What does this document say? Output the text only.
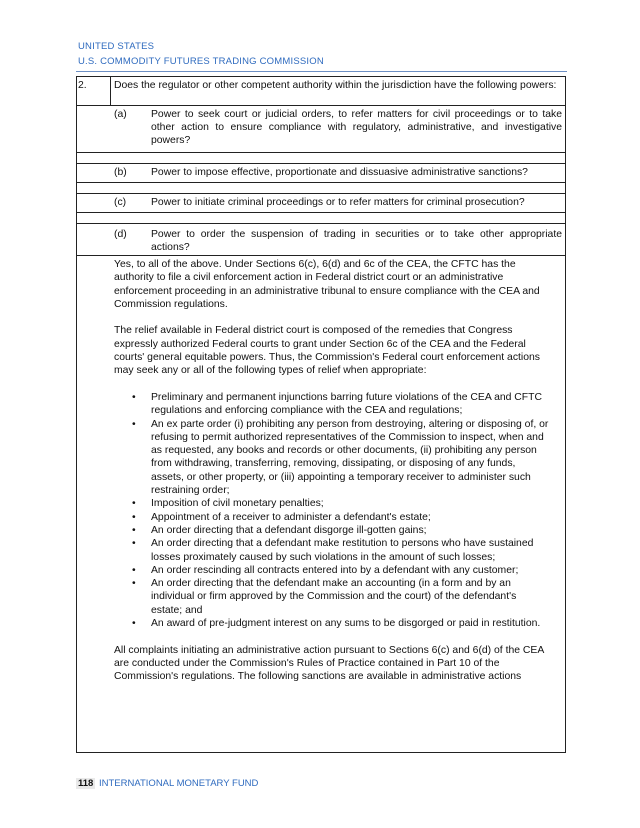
UNITED STATES
U.S. COMMODITY FUTURES TRADING COMMISSION
2.	Does the regulator or other competent authority within the jurisdiction have the following powers:
(a) Power to seek court or judicial orders, to refer matters for civil proceedings or to take other action to ensure compliance with regulatory, administrative, and investigative powers?
(b) Power to impose effective, proportionate and dissuasive administrative sanctions?
(c) Power to initiate criminal proceedings or to refer matters for criminal prosecution?
(d) Power to order the suspension of trading in securities or to take other appropriate actions?

Yes, to all of the above. Under Sections 6(c), 6(d) and 6c of the CEA, the CFTC has the authority to file a civil enforcement action in Federal district court or an administrative enforcement proceeding in an administrative tribunal to ensure compliance with the CEA and Commission regulations.

The relief available in Federal district court is composed of the remedies that Congress expressly authorized Federal courts to grant under Section 6c of the CEA and the Federal courts' general equitable powers. Thus, the Commission's Federal court enforcement actions may seek any or all of the following types of relief when appropriate:

• Preliminary and permanent injunctions barring future violations of the CEA and CFTC regulations and enforcing compliance with the CEA and regulations;
• An ex parte order (i) prohibiting any person from destroying, altering or disposing of, or refusing to permit authorized representatives of the Commission to inspect, when and as requested, any books and records or other documents, (ii) prohibiting any person from withdrawing, transferring, removing, dissipating, or disposing of any funds, assets, or other property, or (iii) appointing a temporary receiver to administer such restraining order;
• Imposition of civil monetary penalties;
• Appointment of a receiver to administer a defendant's estate;
• An order directing that a defendant disgorge ill-gotten gains;
• An order directing that a defendant make restitution to persons who have sustained losses proximately caused by such violations in the amount of such losses;
• An order rescinding all contracts entered into by a defendant with any customer;
• An order directing that the defendant make an accounting (in a form and by an individual or firm approved by the Commission and the court) of the defendant's estate; and
• An award of pre-judgment interest on any sums to be disgorged or paid in restitution.

All complaints initiating an administrative action pursuant to Sections 6(c) and 6(d) of the CEA are conducted under the Commission's Rules of Practice contained in Part 10 of the Commission's regulations. The following sanctions are available in administrative actions

118 INTERNATIONAL MONETARY FUND
